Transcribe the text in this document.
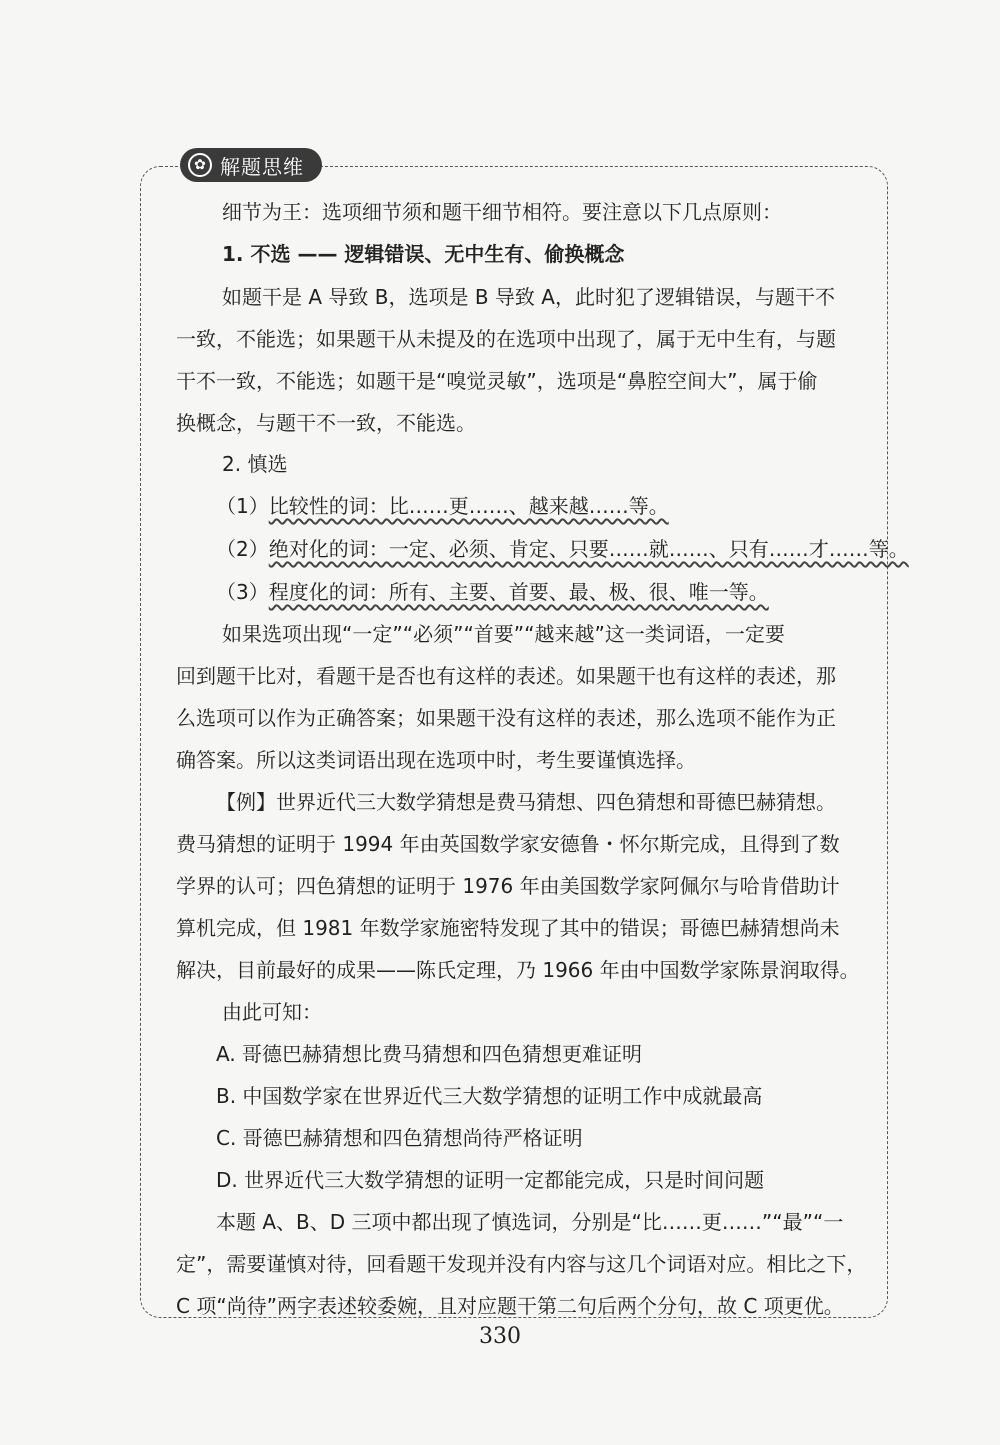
✿ 解题思维
细节为王：选项细节须和题干细节相符。要注意以下几点原则：
1. 不选 —— 逻辑错误、无中生有、偷换概念
如题干是 A 导致 B，选项是 B 导致 A，此时犯了逻辑错误，与题干不
一致，不能选；如果题干从未提及的在选项中出现了，属于无中生有，与题
干不一致，不能选；如题干是“嗅觉灵敏”，选项是“鼻腔空间大”，属于偷
换概念，与题干不一致，不能选。
2. 慎选
（1）比较性的词：比……更……、越来越……等。
（2）绝对化的词：一定、必须、肯定、只要……就……、只有……才……等。
（3）程度化的词：所有、主要、首要、最、极、很、唯一等。
如果选项出现“一定”“必须”“首要”“越来越”这一类词语，一定要
回到题干比对，看题干是否也有这样的表述。如果题干也有这样的表述，那
么选项可以作为正确答案；如果题干没有这样的表述，那么选项不能作为正
确答案。所以这类词语出现在选项中时，考生要谨慎选择。
【例】世界近代三大数学猜想是费马猜想、四色猜想和哥德巴赫猜想。
费马猜想的证明于 1994 年由英国数学家安德鲁・怀尔斯完成，且得到了数
学界的认可；四色猜想的证明于 1976 年由美国数学家阿佩尔与哈肯借助计
算机完成，但 1981 年数学家施密特发现了其中的错误；哥德巴赫猜想尚未
解决，目前最好的成果——陈氏定理，乃 1966 年由中国数学家陈景润取得。
由此可知：
A. 哥德巴赫猜想比费马猜想和四色猜想更难证明
B. 中国数学家在世界近代三大数学猜想的证明工作中成就最高
C. 哥德巴赫猜想和四色猜想尚待严格证明
D. 世界近代三大数学猜想的证明一定都能完成，只是时间问题
本题 A、B、D 三项中都出现了慎选词，分别是“比……更……”“最”“一
定”，需要谨慎对待，回看题干发现并没有内容与这几个词语对应。相比之下，
C 项“尚待”两字表述较委婉，且对应题干第二句后两个分句，故 C 项更优。
330
